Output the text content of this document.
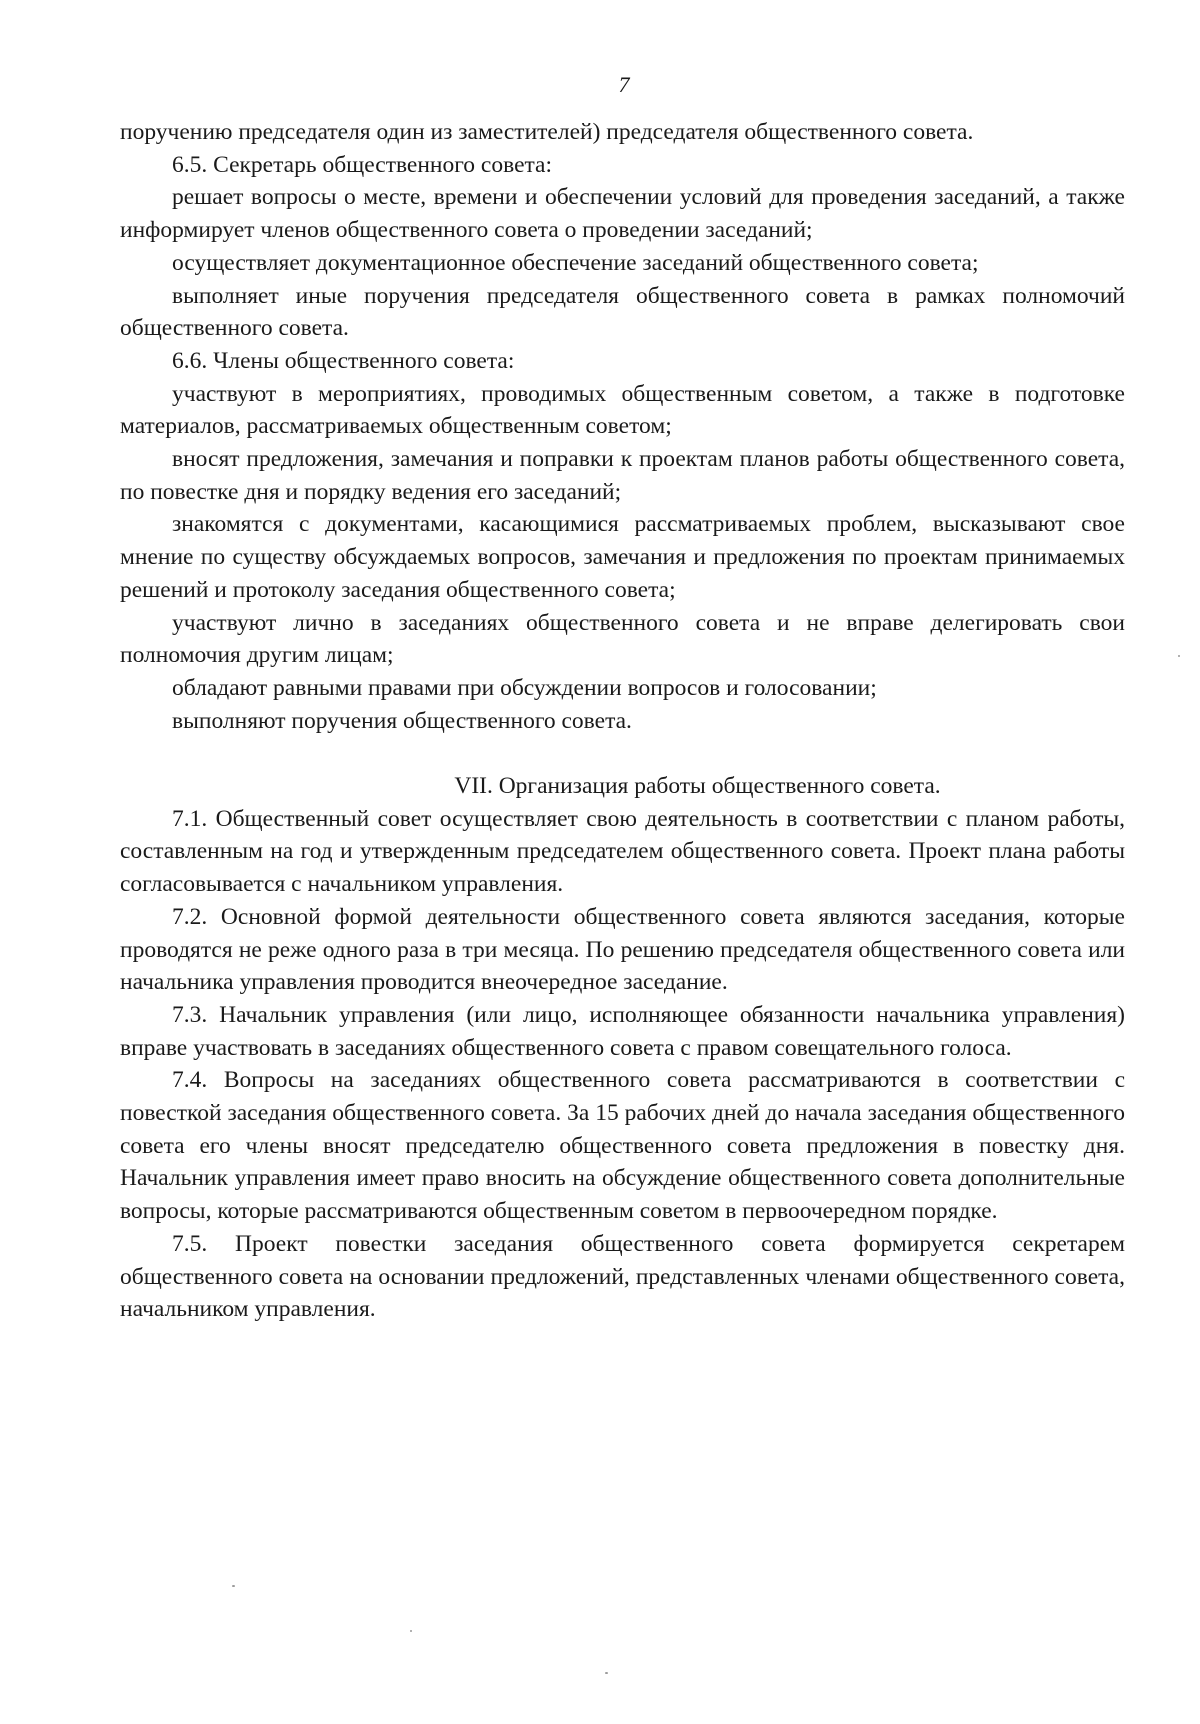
7

поручению председателя один из заместителей) председателя общественного совета.

6.5. Секретарь общественного совета:

решает вопросы о месте, времени и обеспечении условий для проведения заседаний, а также информирует членов общественного совета о проведении заседаний;

осуществляет документационное обеспечение заседаний общественного совета;

выполняет иные поручения председателя общественного совета в рамках полномочий общественного совета.

6.6. Члены общественного совета:

участвуют в мероприятиях, проводимых общественным советом, а также в подготовке материалов, рассматриваемых общественным советом;

вносят предложения, замечания и поправки к проектам планов работы общественного совета, по повестке дня и порядку ведения его заседаний;

знакомятся с документами, касающимися рассматриваемых проблем, высказывают свое мнение по существу обсуждаемых вопросов, замечания и предложения по проектам принимаемых решений и протоколу заседания общественного совета;

участвуют лично в заседаниях общественного совета и не вправе делегировать свои полномочия другим лицам;

обладают равными правами при обсуждении вопросов и голосовании;

выполняют поручения общественного совета.

VII. Организация работы общественного совета.

7.1. Общественный совет осуществляет свою деятельность в соответствии с планом работы, составленным на год и утвержденным председателем общественного совета. Проект плана работы согласовывается с начальником управления.

7.2. Основной формой деятельности общественного совета являются заседания, которые проводятся не реже одного раза в три месяца. По решению председателя общественного совета или начальника управления проводится внеочередное заседание.

7.3. Начальник управления (или лицо, исполняющее обязанности начальника управления) вправе участвовать в заседаниях общественного совета с правом совещательного голоса.

7.4. Вопросы на заседаниях общественного совета рассматриваются в соответствии с повесткой заседания общественного совета. За 15 рабочих дней до начала заседания общественного совета его члены вносят председателю общественного совета предложения в повестку дня. Начальник управления имеет право вносить на обсуждение общественного совета дополнительные вопросы, которые рассматриваются общественным советом в первоочередном порядке.

7.5. Проект повестки заседания общественного совета формируется секретарем общественного совета на основании предложений, представленных членами общественного совета, начальником управления.
